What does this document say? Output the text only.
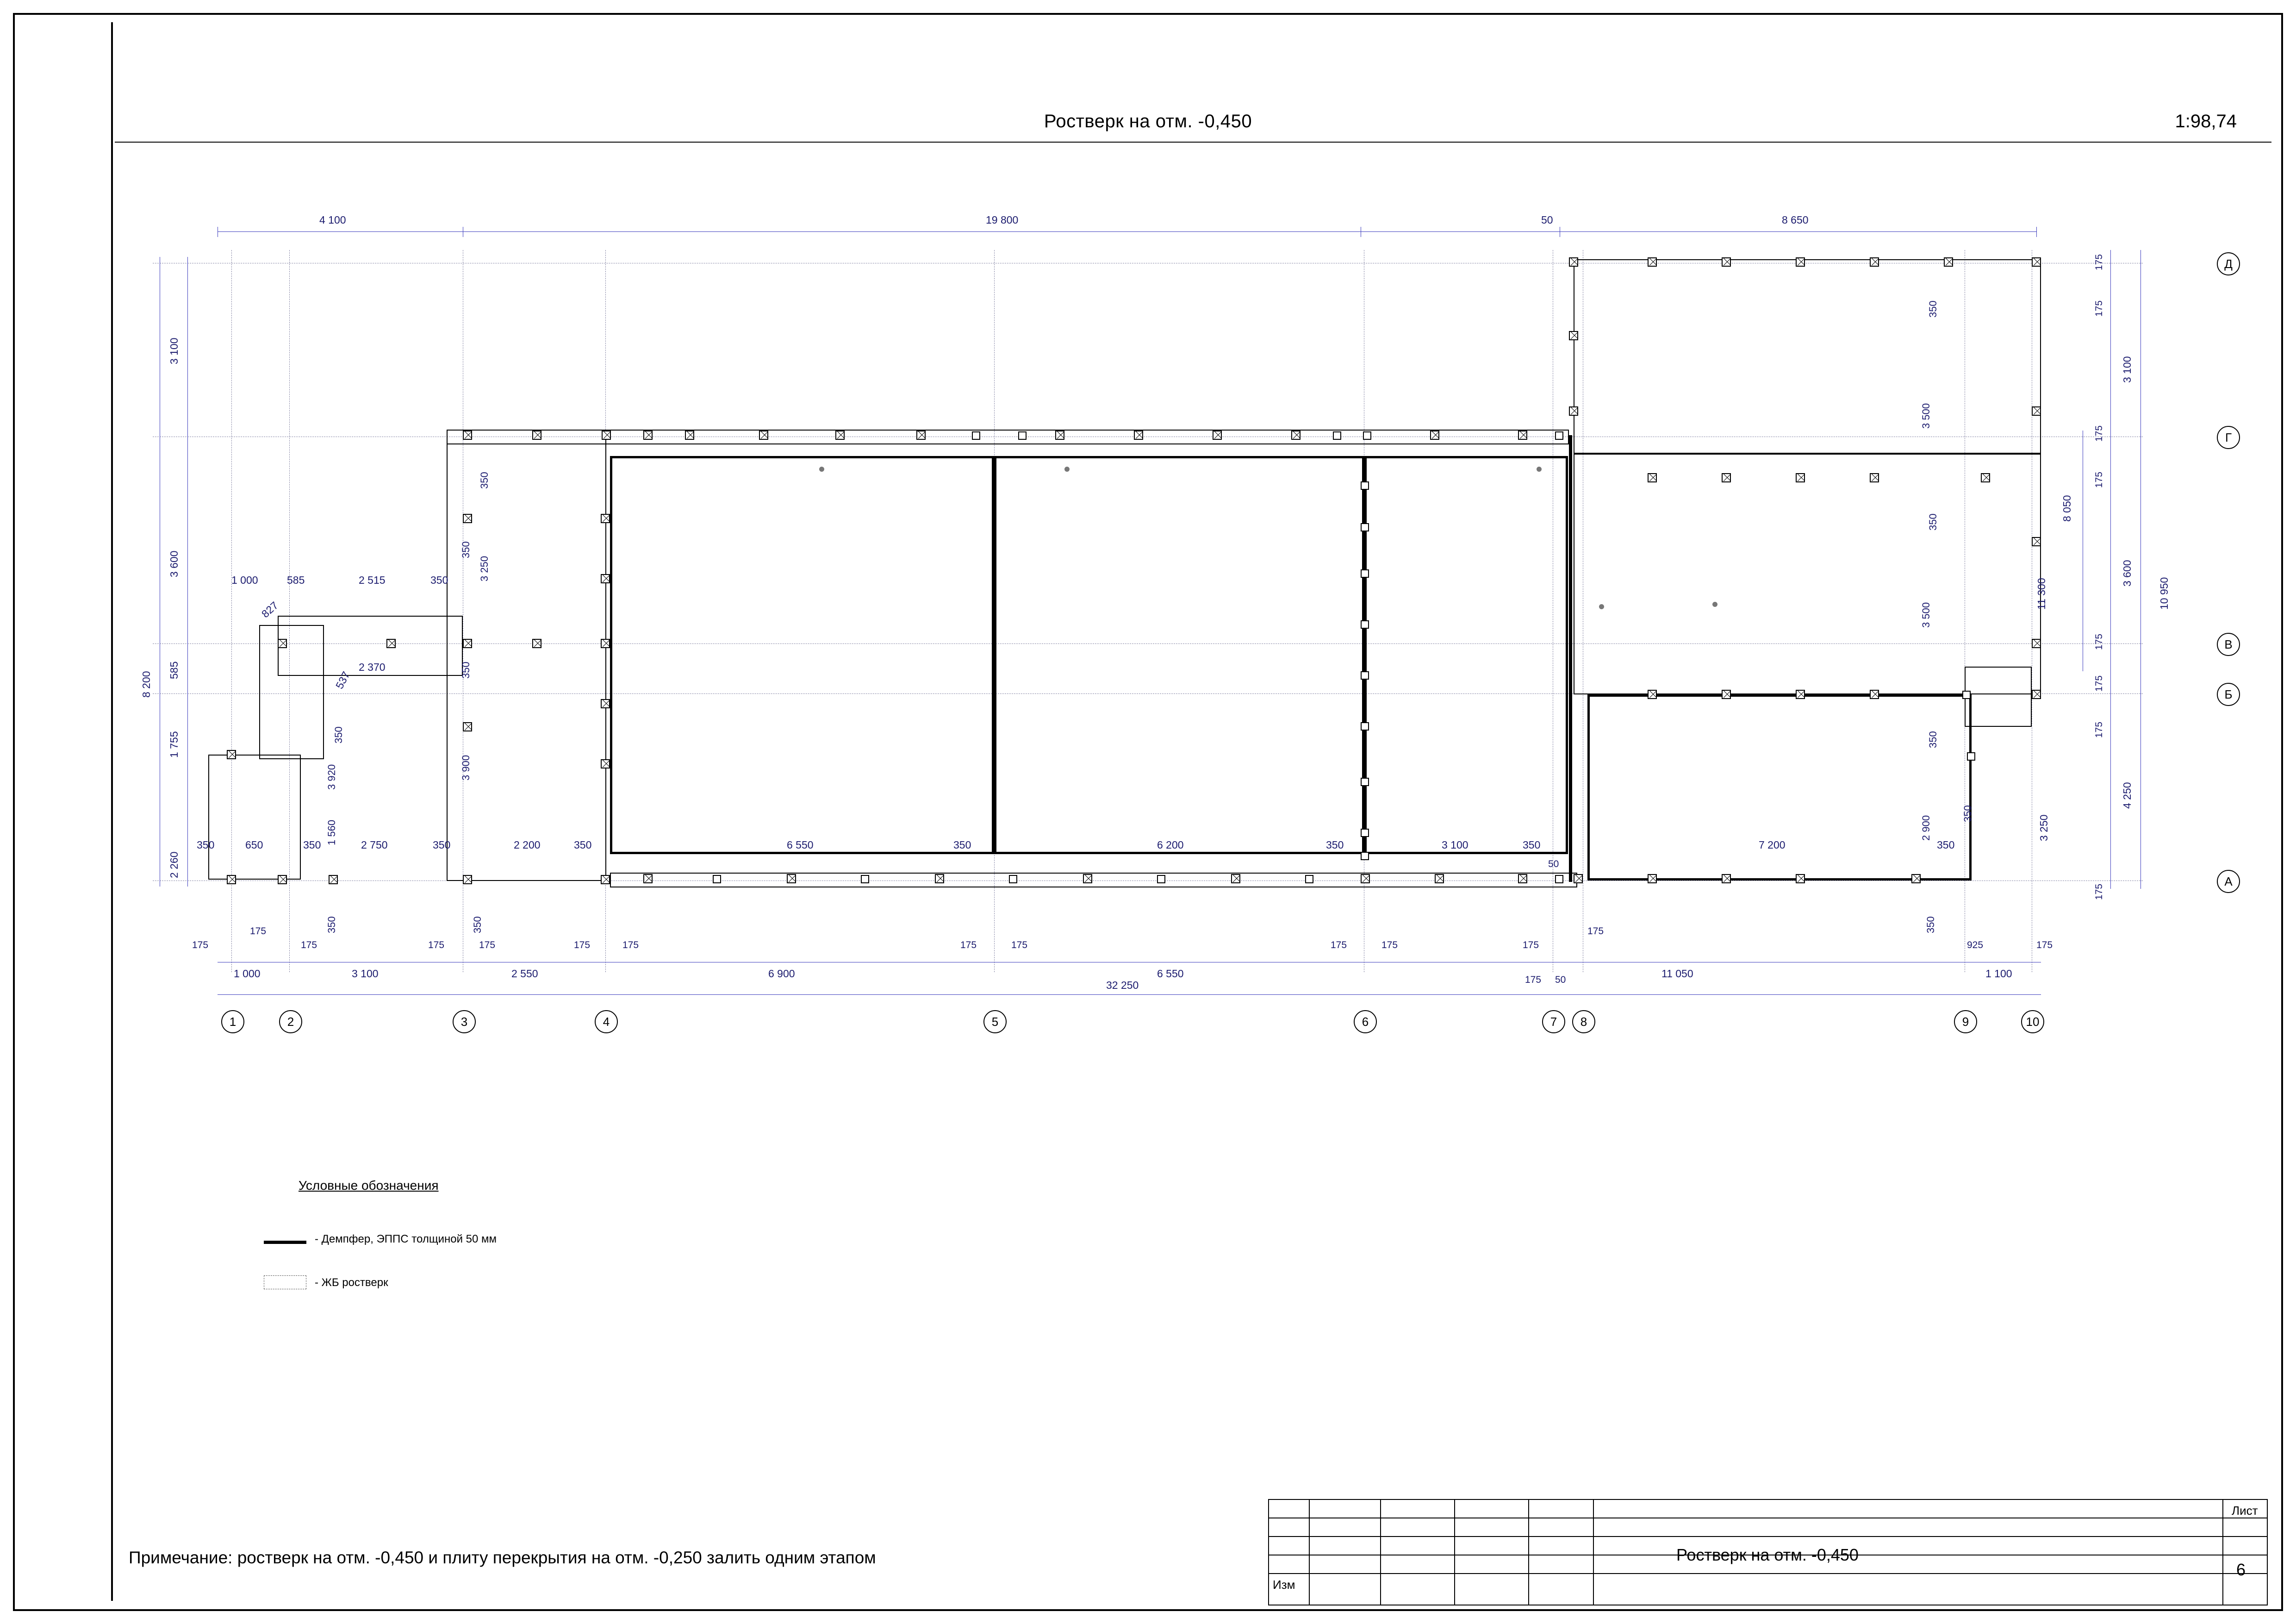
Ростверк на отм. -0,450	1:98,74
4 100	19 800	50	8 650
3 100
3 600
585
1 755
2 260
8 200
175
175
3 100
175
175
3 600
175
175
175
175
8 050
11 300	10 950
4 250
3 250
Д
Г
В
Б
А
175
175
175	175	175	175	175	175	175	175	175	175
175
925	175
1 000	3 100	2 550	6 900	6 550
175 50
11 050	1 100
32 250
1	2	3	4	5	6	7	8	9	10
1 000	585	2 515	350
827
2 370
537
350
3 250
350
350
3 900
3 920
350
1 560
350	350
350	650	350	2 750	350	2 200	350	6 550	350	6 200	350	3 100	350
50
7 200	350
350
3 500
350
3 500
350
2 900
350
350
Условные обозначения
- Демпфер, ЭППС толщиной 50 мм
- ЖБ ростверк
Примечание: ростверк на отм. -0,450 и плиту перекрытия на отм. -0,250 залить одним этапом
Изм
Ростверк на отм. -0,450
Лист
6
